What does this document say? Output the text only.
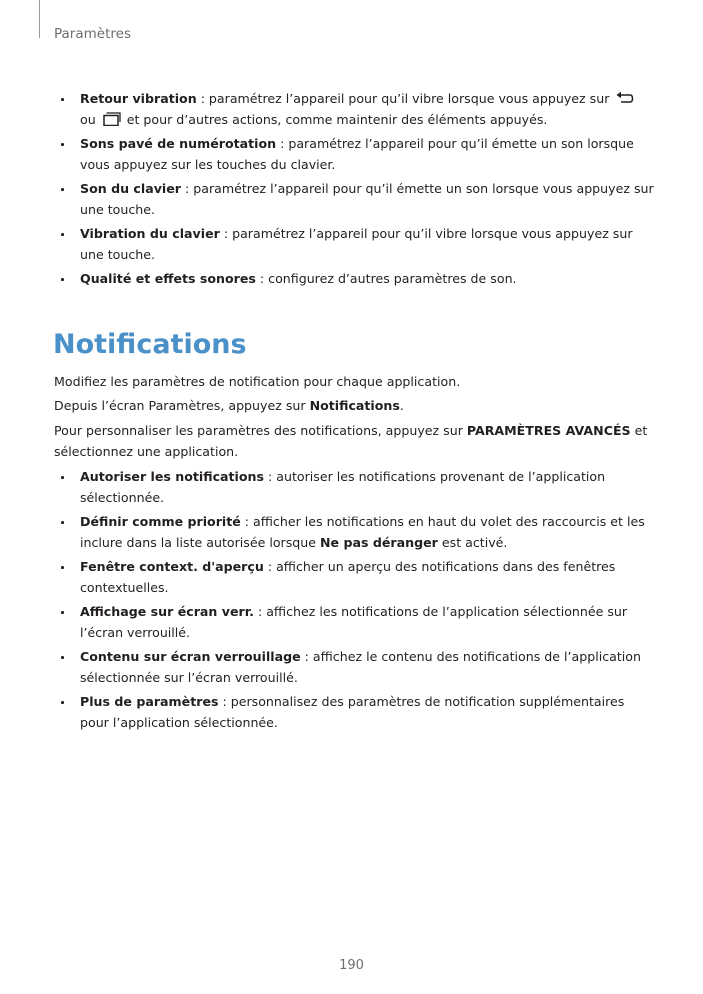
Paramètres
Retour vibration : paramétrez l’appareil pour qu’il vibre lorsque vous appuyez sur  ou  et pour d’autres actions, comme maintenir des éléments appuyés.
Sons pavé de numérotation : paramétrez l’appareil pour qu’il émette un son lorsque vous appuyez sur les touches du clavier.
Son du clavier : paramétrez l’appareil pour qu’il émette un son lorsque vous appuyez sur une touche.
Vibration du clavier : paramétrez l’appareil pour qu’il vibre lorsque vous appuyez sur une touche.
Qualité et effets sonores : configurez d’autres paramètres de son.
Notifications

Modifiez les paramètres de notification pour chaque application.

Depuis l’écran Paramètres, appuyez sur Notifications.

Pour personnaliser les paramètres des notifications, appuyez sur PARAMÈTRES AVANCÉS et sélectionnez une application.

Autoriser les notifications : autoriser les notifications provenant de l’application sélectionnée.
Définir comme priorité : afficher les notifications en haut du volet des raccourcis et les inclure dans la liste autorisée lorsque Ne pas déranger est activé.
Fenêtre context. d'aperçu : afficher un aperçu des notifications dans des fenêtres contextuelles.
Affichage sur écran verr. : affichez les notifications de l’application sélectionnée sur l’écran verrouillé.
Contenu sur écran verrouillage : affichez le contenu des notifications de l’application sélectionnée sur l’écran verrouillé.
Plus de paramètres : personnalisez des paramètres de notification supplémentaires pour l’application sélectionnée.
190
